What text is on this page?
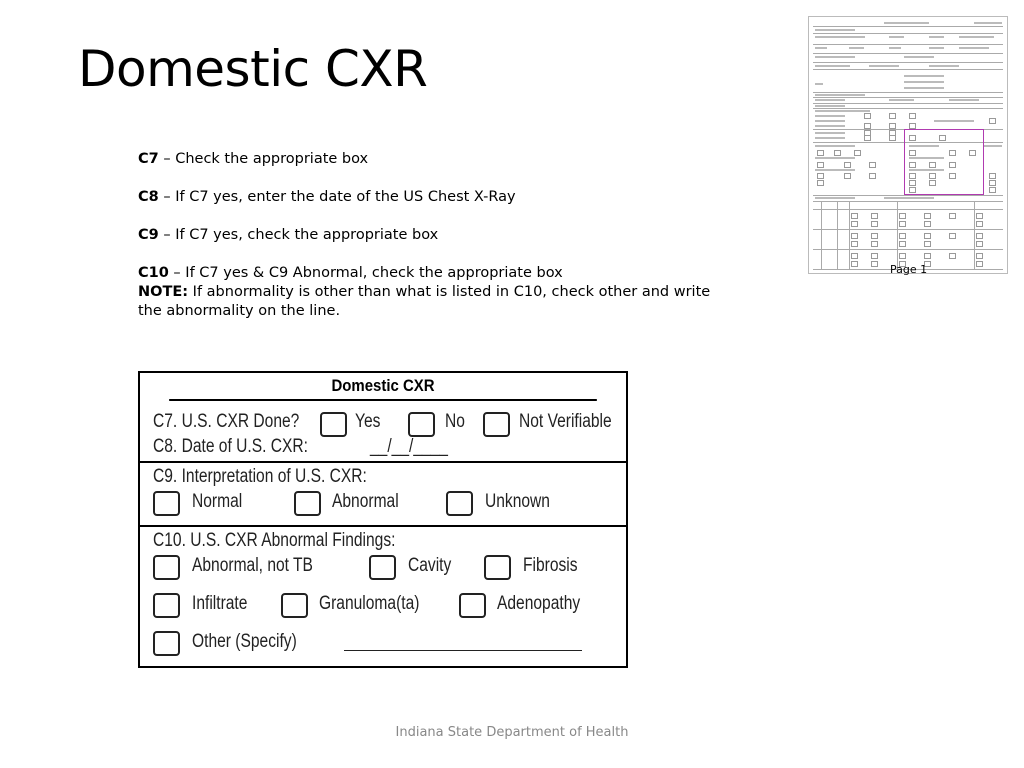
Domestic CXR

C7 – Check the appropriate box

C8 – If C7 yes, enter the date of the US Chest X-Ray

C9 – If C7 yes, check the appropriate box

C10 – If C7 yes & C9 Abnormal, check the appropriate box

NOTE: If abnormality is other than what is listed in C10, check other and write the abnormality on the line.

Page 1
Domestic CXR
C7. U.S. CXR Done?	Yes	No	Not Verifiable
C8. Date of U.S. CXR:	__/__/____
C9. Interpretation of U.S. CXR:
Normal	Abnormal	Unknown
C10. U.S. CXR Abnormal Findings:
Abnormal, not TB	Cavity	Fibrosis
Infiltrate	Granuloma(ta)	Adenopathy
Other (Specify)
Indiana State Department of Health
